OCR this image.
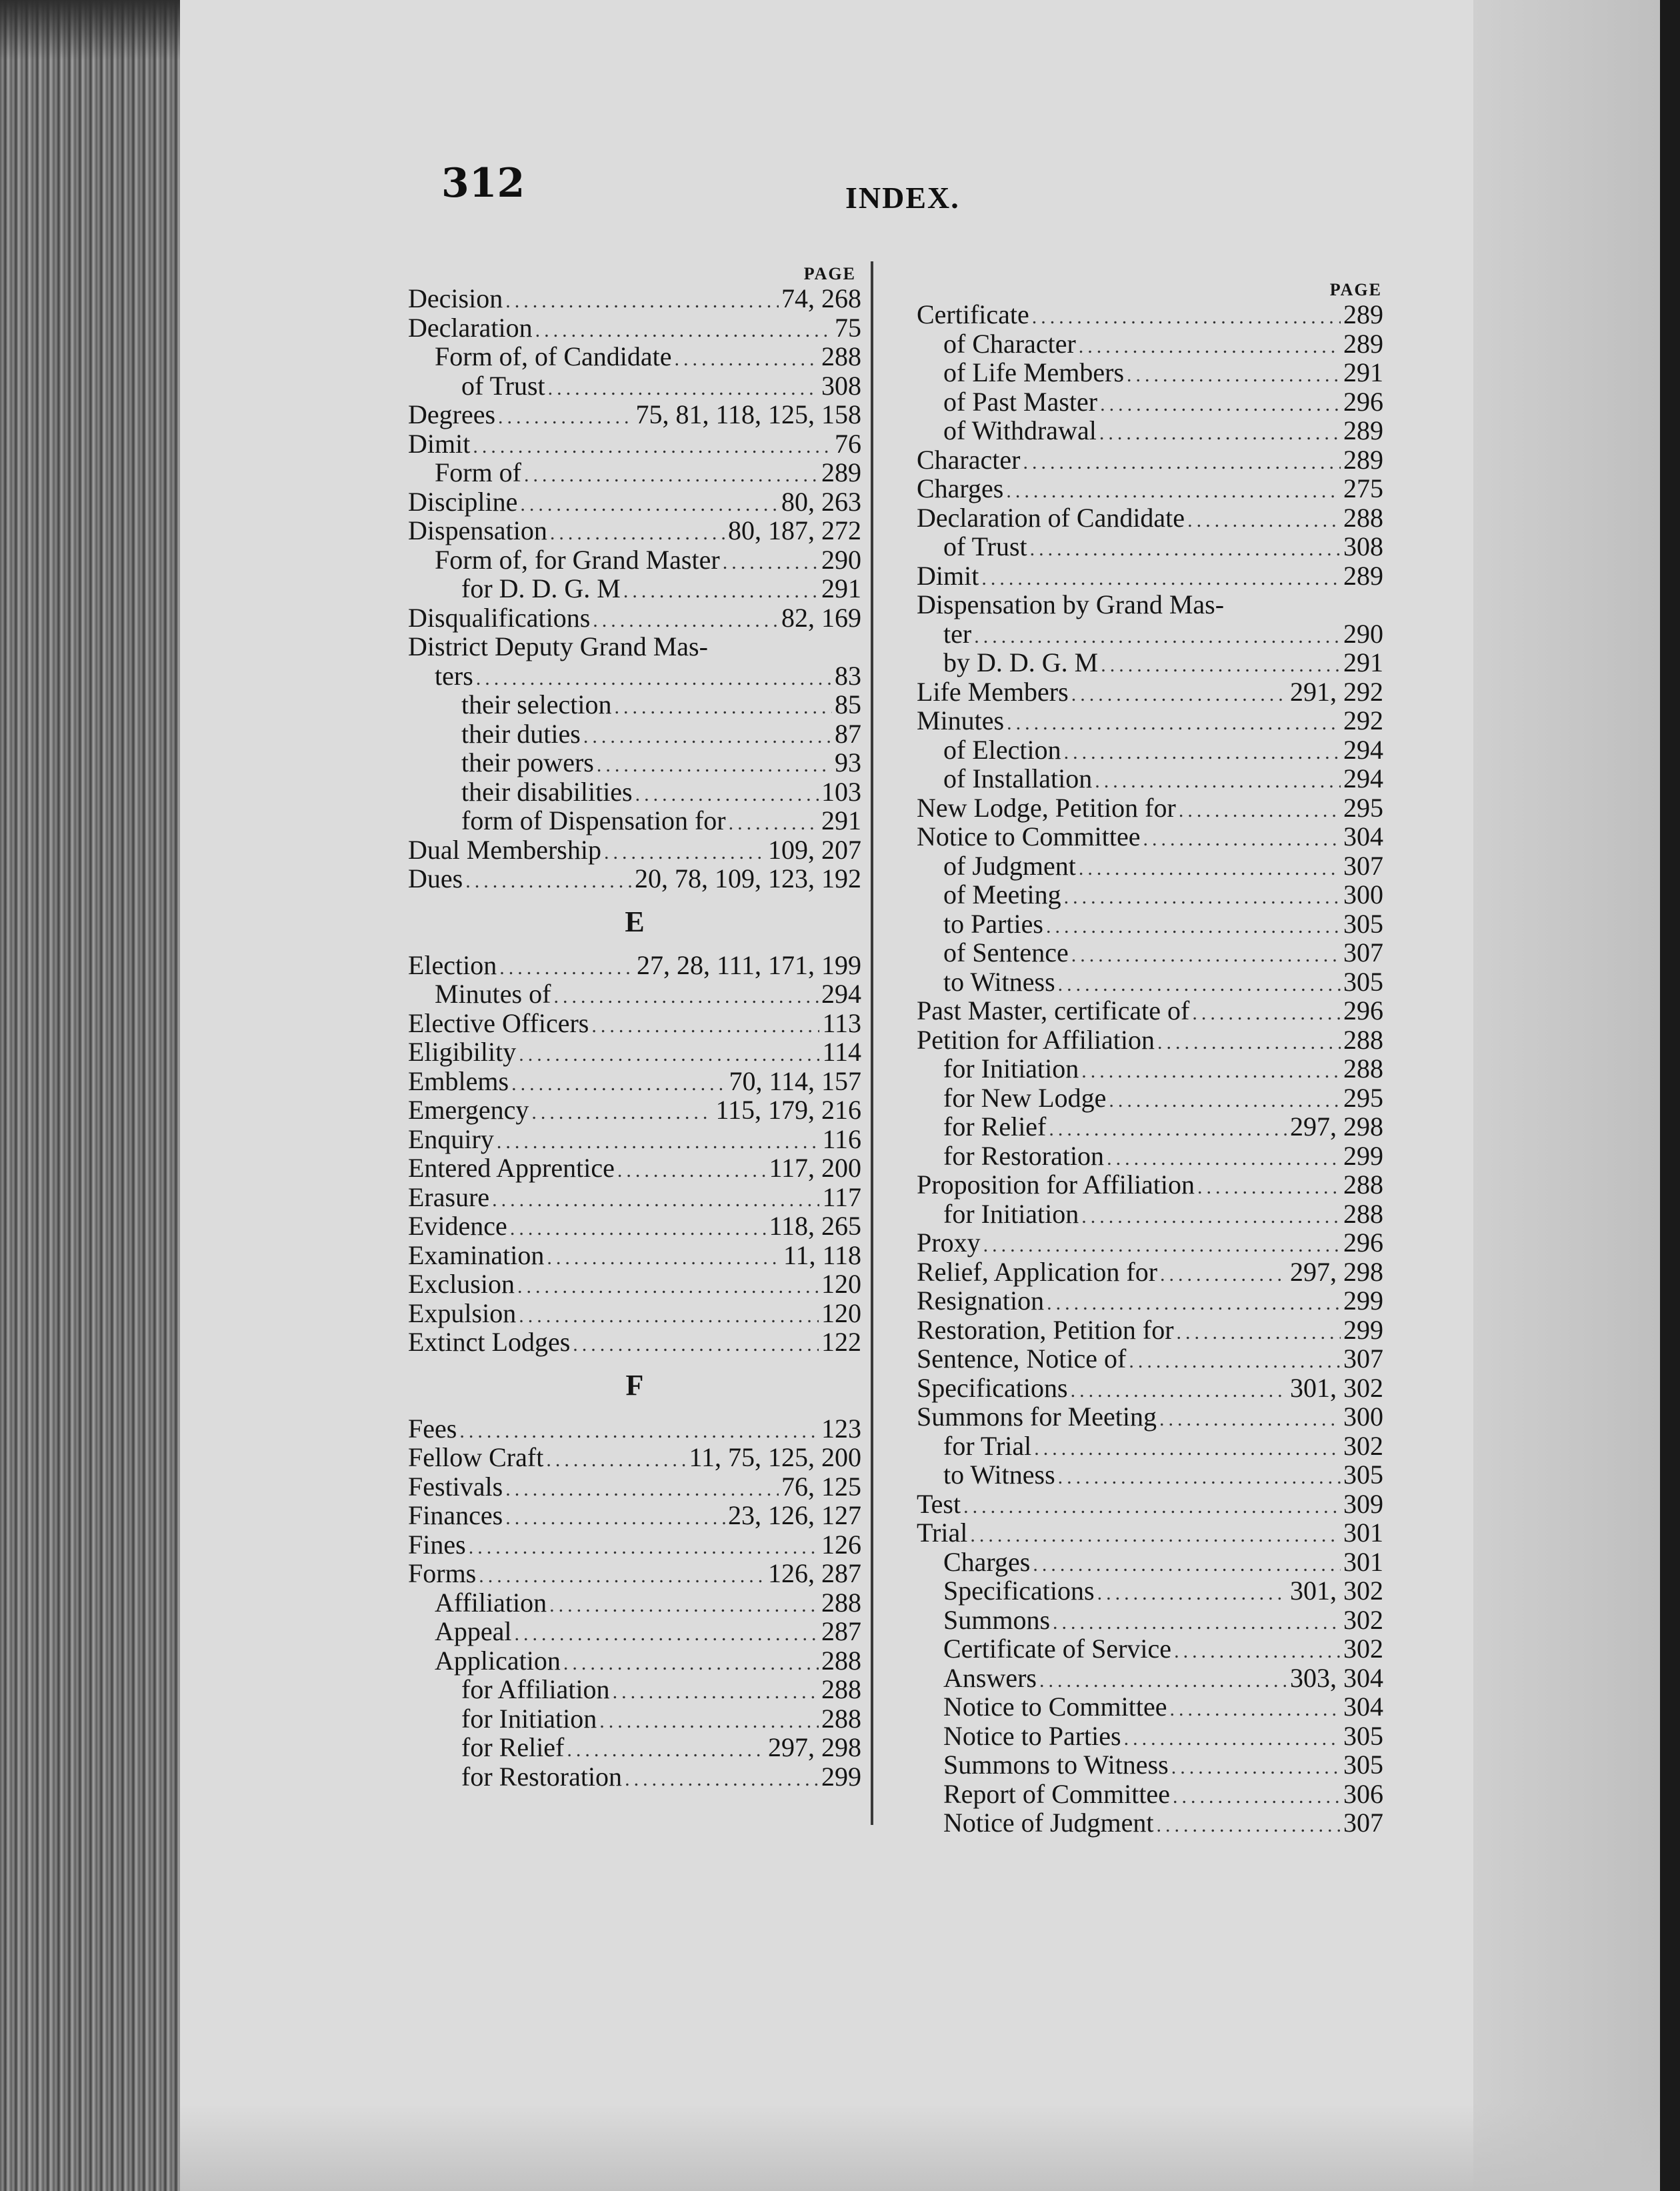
312	INDEX.
PAGE
Decision .....	74, 268
Declaration .....	75
Form of, of Candidate .....	288
of Trust .....	308
Degrees .....	75, 81, 118, 125, 158
Dimit .....	76
Form of .....	289
Discipline .....	80, 263
Dispensation .....	80, 187, 272
Form of, for Grand Master .....	290
for D. D. G. M .....	291
Disqualifications .....	82, 169
District Deputy Grand Mas-
ters .....	83
their selection .....	85
their duties .....	87
their powers .....	93
their disabilities .....	103
form of Dispensation for .....	291
Dual Membership .....	109, 207
Dues .....	20, 78, 109, 123, 192
E
Election .....	27, 28, 111, 171, 199
Minutes of .....	294
Elective Officers .....	113
Eligibility .....	114
Emblems .....	70, 114, 157
Emergency .....	115, 179, 216
Enquiry .....	116
Entered Apprentice .....	117, 200
Erasure .....	117
Evidence .....	118, 265
Examination .....	11, 118
Exclusion .....	120
Expulsion .....	120
Extinct Lodges .....	122
F
Fees .....	123
Fellow Craft .....	11, 75, 125, 200
Festivals .....	76, 125
Finances .....	23, 126, 127
Fines .....	126
Forms .....	126, 287
Affiliation .....	288
Appeal .....	287
Application .....	288
for Affiliation .....	288
for Initiation .....	288
for Relief .....	297, 298
for Restoration .....	299
PAGE
Certificate .....	289
of Character .....	289
of Life Members .....	291
of Past Master .....	296
of Withdrawal .....	289
Character .....	289
Charges .....	275
Declaration of Candidate .....	288
of Trust .....	308
Dimit .....	289
Dispensation by Grand Mas-
ter .....	290
by D. D. G. M .....	291
Life Members .....	291, 292
Minutes .....	292
of Election .....	294
of Installation .....	294
New Lodge, Petition for .....	295
Notice to Committee .....	304
of Judgment .....	307
of Meeting .....	300
to Parties .....	305
of Sentence .....	307
to Witness .....	305
Past Master, certificate of .....	296
Petition for Affiliation .....	288
for Initiation .....	288
for New Lodge .....	295
for Relief .....	297, 298
for Restoration .....	299
Proposition for Affiliation .....	288
for Initiation .....	288
Proxy .....	296
Relief, Application for .....	297, 298
Resignation .....	299
Restoration, Petition for .....	299
Sentence, Notice of .....	307
Specifications .....	301, 302
Summons for Meeting .....	300
for Trial .....	302
to Witness .....	305
Test .....	309
Trial .....	301
Charges .....	301
Specifications .....	301, 302
Summons .....	302
Certificate of Service .....	302
Answers .....	303, 304
Notice to Committee .....	304
Notice to Parties .....	305
Summons to Witness .....	305
Report of Committee .....	306
Notice of Judgment .....	307
